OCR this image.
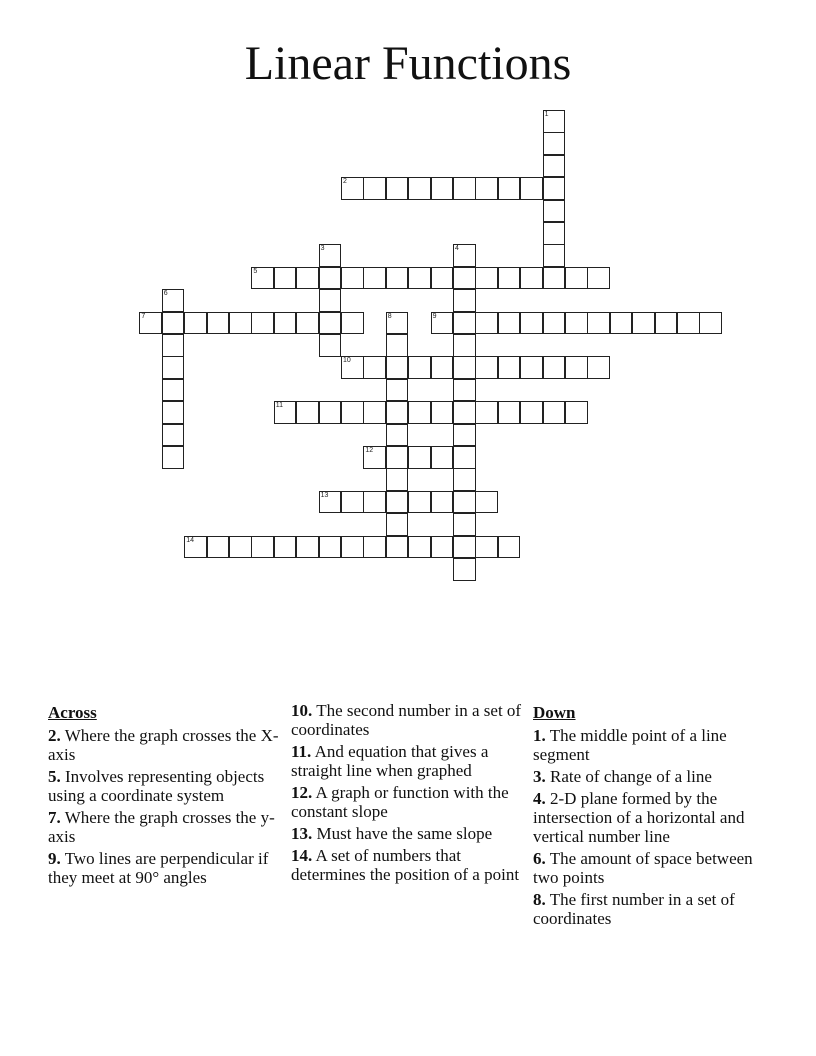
Linear Functions
2
5
7	9
10
11
12
13
14
1
3	4
6
8
Across
2. Where the graph crosses the X-axis
5. Involves representing objects using a coordinate system
7. Where the graph crosses the y-axis
9. Two lines are perpendicular if they meet at 90° angles
10. The second number in a set of coordinates
11. And equation that gives a straight line when graphed
12. A graph or function with the constant slope
13. Must have the same slope
14. A set of numbers that determines the position of a point
Down
1. The middle point of a line segment
3. Rate of change of a line
4. 2-D plane formed by the intersection of a horizontal and vertical number line
6. The amount of space between two points
8. The first number in a set of coordinates
